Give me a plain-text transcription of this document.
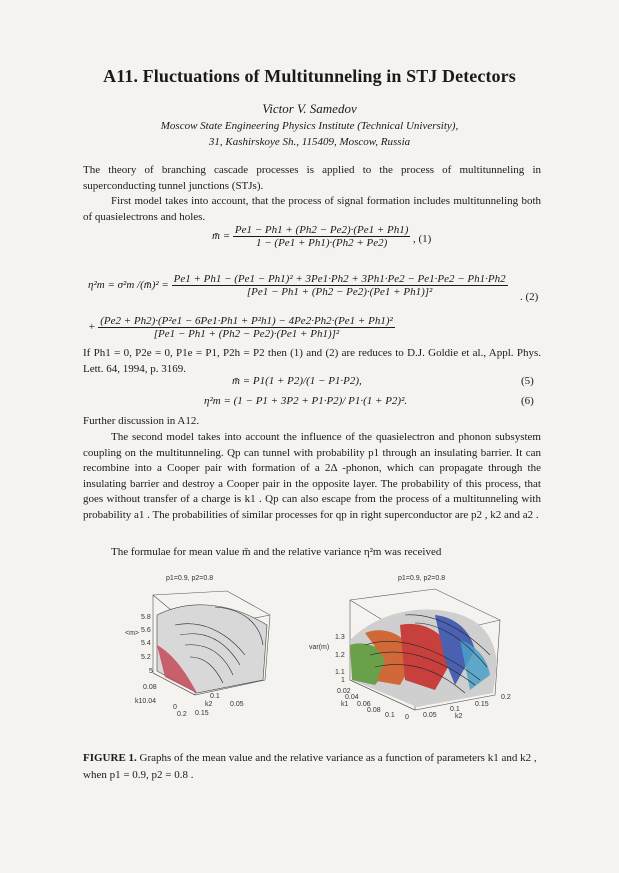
A11. Fluctuations of Multitunneling in STJ Detectors
Victor V. Samedov
Moscow State Engineering Physics Institute (Technical University),
31, Kashirskoye Sh., 115409, Moscow, Russia
The theory of branching cascade processes is applied to the process of multitunneling in superconducting tunnel junctions (STJs).
First model takes into account, that the process of signal formation includes multitunneling both of quasielectrons and holes.
m̄ = $\frac{Pe1 - Ph1 + (Ph2 - Pe2)\cdot(Pe1 + Ph1)}{1 - (Pe1 + Ph1)\cdot(Ph2 + Pe2)}$ , (1)
η²m = σ²m /(m̄)² =
Pe1 + Ph1 − (Pe1 − Ph1)² + 3Pe1·Ph2 + 3Ph1·Pe2 − Pe1·Pe2 − Ph1·Ph2
[Pe1 − Ph1 + (Ph2 − Pe2)·(Pe1 + Ph1)]²
+ $\frac{\text{(Pe2 + Ph2)·(P²e1 − 6Pe1·Ph1 + P²h1) − 4Pe2·Ph2·(Pe1 + Ph1)²}}{\text{[Pe1 − Ph1 + (Ph2 − Pe2)·(Pe1 + Ph1)]²}}$
. (2)
If Ph1 = 0, P2e = 0, P1e = P1, P2h = P2 then (1) and (2) are reduces to D.J. Goldie et al., Appl. Phys. Lett. 64, 1994, p. 3169.
m̄ = P1(1 + P2)/(1 − P1·P2),	(5)
η²m = (1 − P1 + 3P2 + P1·P2)/ P1·(1 + P2)².	(6)
Further discussion in A12.
The second model takes into account the influence of the quasielectron and phonon subsystem coupling on the multitunneling. Qp can tunnel with probability p1 through an insulating barrier. It can recombine into a Cooper pair with formation of a 2Δ -phonon, which can propagate through the insulating barrier and destroy a Cooper pair in the opposite layer. The probability of this process, that goes without transfer of a charge is k1 . Qp can also escape from the process of a multitunneling with probability a1 . The probabilities of similar processes for qp in right superconductor are p2 , k2 and a2 .
The formulae for mean value m̄ and the relative variance η²m was received
p1=0.9, p2=0.8
<m>
5.8
5.6
5.4
5.2
5
0.08
k10.04
0
0.2 0.15
k2
0.1
0.05
p1=0.9, p2=0.8
var(m)
1.3
1.2
1.1
1
0.02
0.04
k1 0.06
0.08
0.1 0 0.05
0.1
k2
0.15
0.2
FIGURE 1. Graphs of the mean value and the relative variance as a function of parameters k1 and k2 , when p1 = 0.9, p2 = 0.8 .
